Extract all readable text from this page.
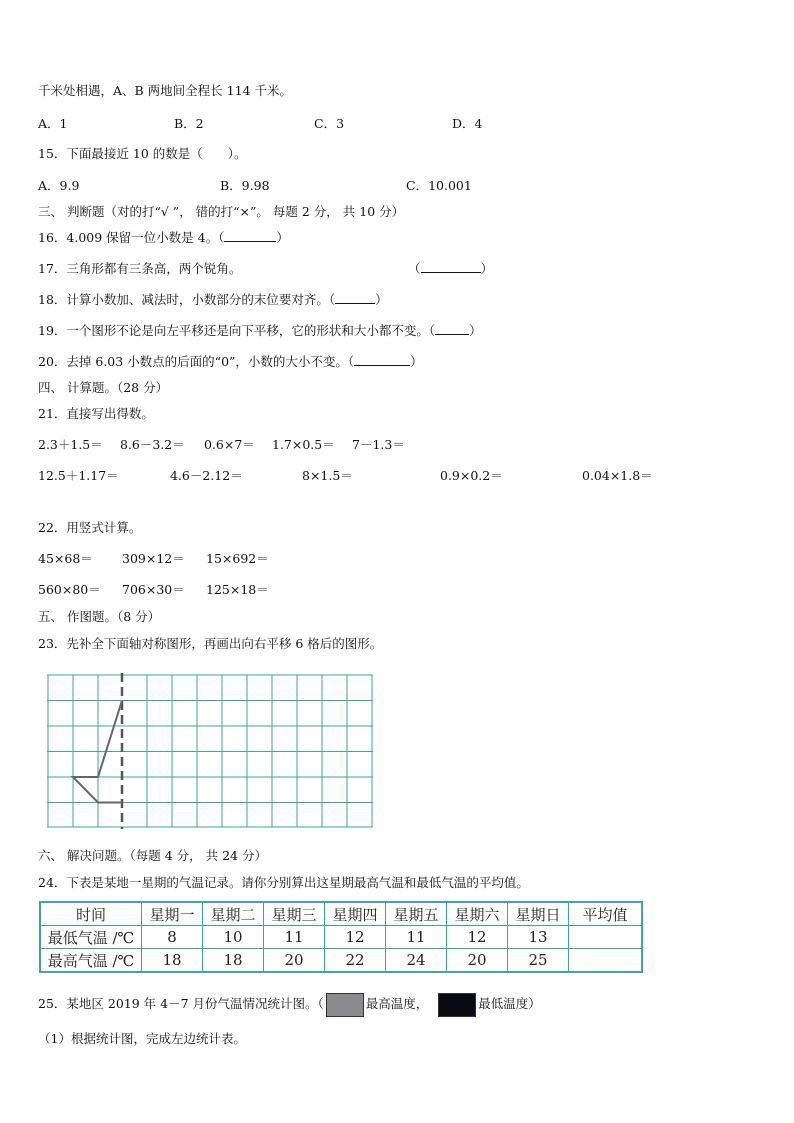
千米处相遇，A、B 两地间全程长 114 千米。
A．1	B．2	C．3	D．4
15．下面最接近 10 的数是（　　）。
A．9.9	B．9.98	C．10.001
三、 判断题（对的打“√ ”， 错的打“×”。 每题 2 分， 共 10 分）
16．4.009 保留一位小数是 4。（	）
17．三角形都有三条高，两个锐角。	（	）
18．计算小数加、减法时，小数部分的末位要对齐。（	）
19．一个图形不论是向左平移还是向下平移，它的形状和大小都不变。（	）
20．去掉 6.03 小数点的后面的“0”，小数的大小不变。（	）
四、 计算题。（28 分）
21．直接写出得数。
2.3＋1.5＝ 8.6－3.2＝ 0.6×7＝ 1.7×0.5＝ 7－1.3＝
12.5＋1.17＝	4.6－2.12＝	8×1.5＝	0.9×0.2＝	0.04×1.8＝
22．用竖式计算。
45×68＝ 309×12＝ 15×692＝
560×80＝ 706×30＝ 125×18＝
五、 作图题。（8 分）
23．先补全下面轴对称图形，再画出向右平移 6 格后的图形。
六、 解决问题。（每题 4 分， 共 24 分）
24．下表是某地一星期的气温记录。请你分别算出这星期最高气温和最低气温的平均值。
时间	星期一	星期二	星期三	星期四	星期五	星期六	星期日	平均值
最低气温 /℃	8	10	11	12	11	12	13	
最高气温 /℃	18	18	20	22	24	20	25	
25．某地区 2019 年 4－7 月份气温情况统计图。（	最高温度，	最低温度）
（1）根据统计图，完成左边统计表。
